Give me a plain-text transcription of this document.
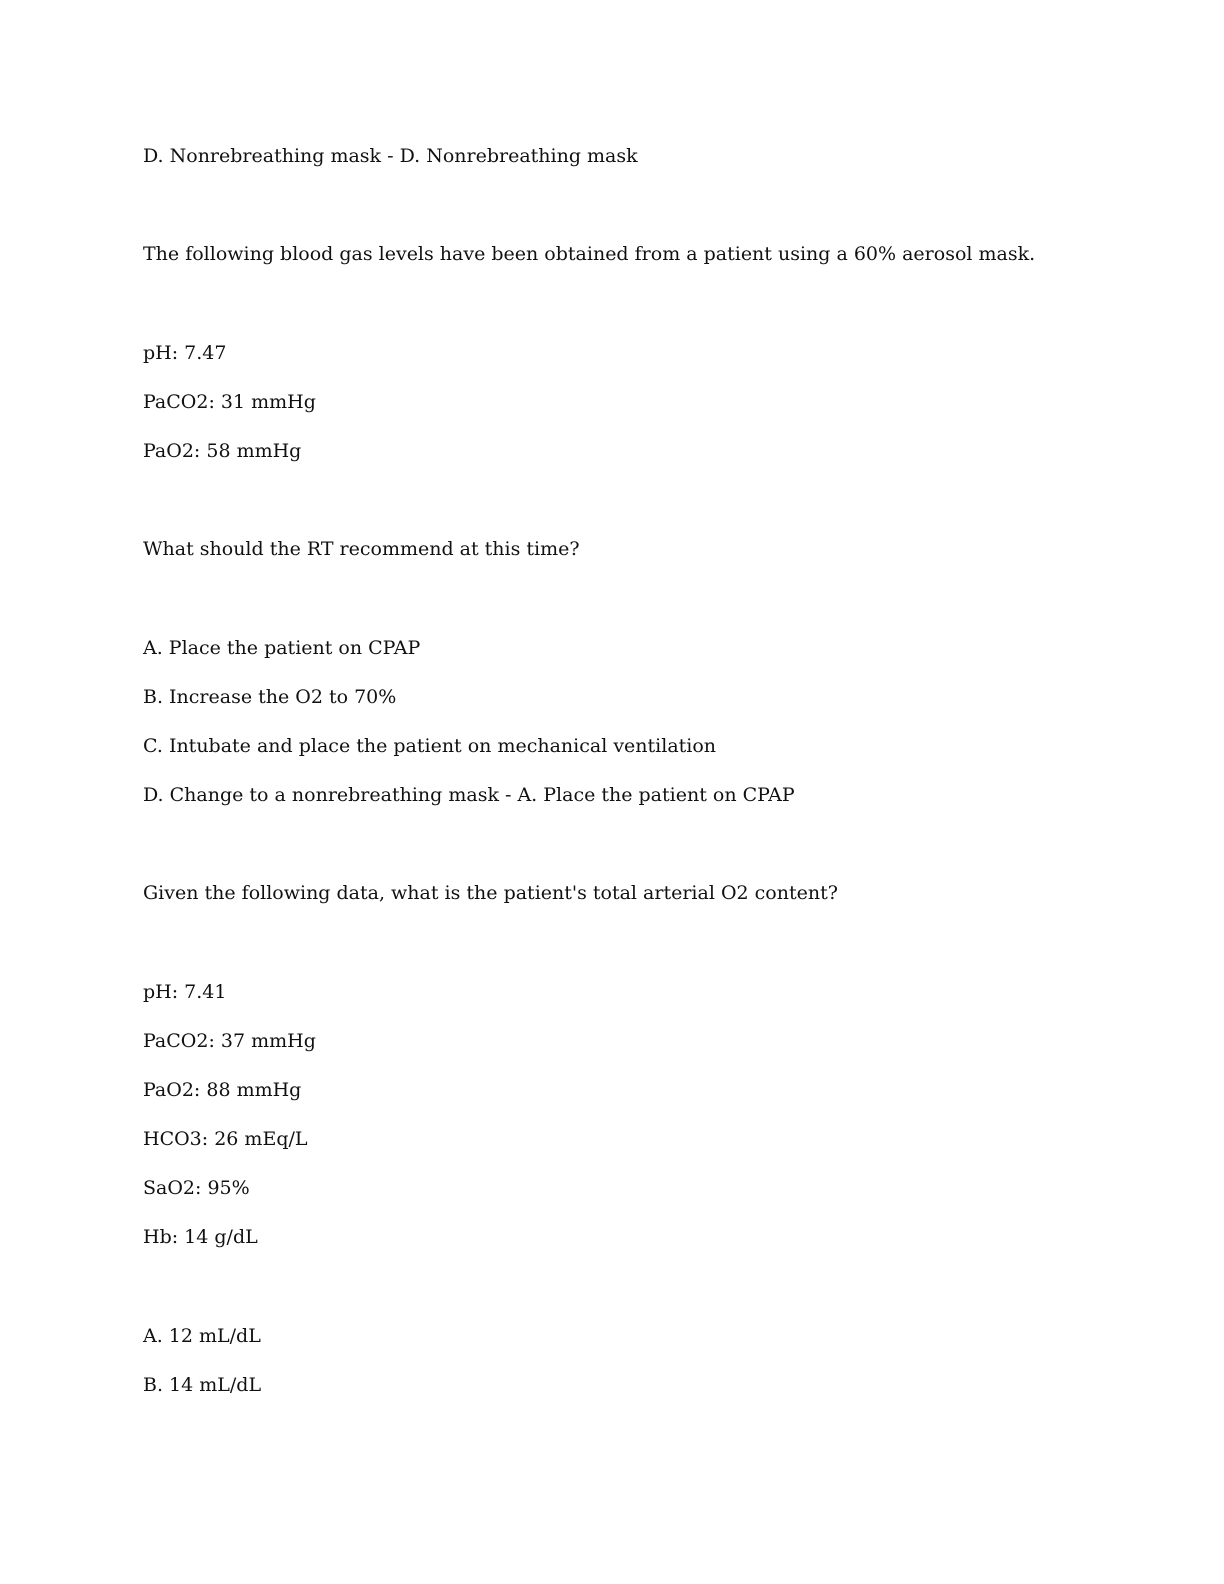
D. Nonrebreathing mask - D. Nonrebreathing mask

The following blood gas levels have been obtained from a patient using a 60% aerosol mask.

pH: 7.47

PaCO2: 31 mmHg

PaO2: 58 mmHg

What should the RT recommend at this time?

A. Place the patient on CPAP

B. Increase the O2 to 70%

C. Intubate and place the patient on mechanical ventilation

D. Change to a nonrebreathing mask - A. Place the patient on CPAP

Given the following data, what is the patient's total arterial O2 content?

pH: 7.41

PaCO2: 37 mmHg

PaO2: 88 mmHg

HCO3: 26 mEq/L

SaO2: 95%

Hb: 14 g/dL

A. 12 mL/dL

B. 14 mL/dL
